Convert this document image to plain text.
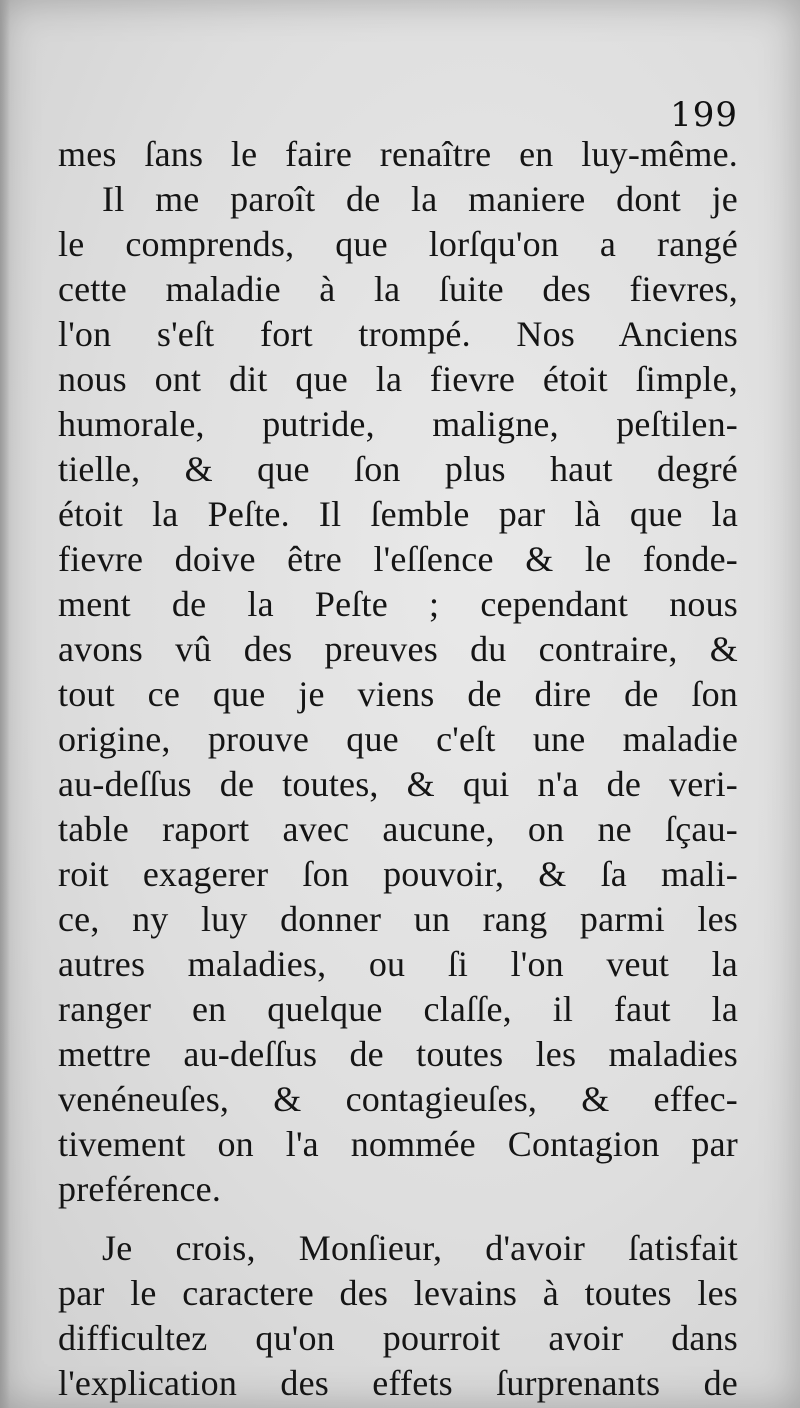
199
mes ſans le faire renaître en luy-même.
Il me paroît de la maniere dont je
le comprends, que lorſqu'on a rangé
cette maladie à la ſuite des fievres,
l'on s'eſt fort trompé. Nos Anciens
nous ont dit que la fievre étoit ſimple,
humorale, putride, maligne, peſtilen-
tielle, & que ſon plus haut degré
étoit la Peſte. Il ſemble par là que la
fievre doive être l'eſſence & le fonde-
ment de la Peſte ; cependant nous
avons vû des preuves du contraire, &
tout ce que je viens de dire de ſon
origine, prouve que c'eſt une maladie
au-deſſus de toutes, & qui n'a de veri-
table raport avec aucune, on ne ſçau-
roit exagerer ſon pouvoir, & ſa mali-
ce, ny luy donner un rang parmi les
autres maladies, ou ſi l'on veut la
ranger en quelque claſſe, il faut la
mettre au-deſſus de toutes les maladies
venéneuſes, & contagieuſes, & effec-
tivement on l'a nommée Contagion par
preférence.
Je crois, Monſieur, d'avoir ſatisfait
par le caractere des levains à toutes les
difficultez qu'on pourroit avoir dans
l'explication des effets ſurprenants de
